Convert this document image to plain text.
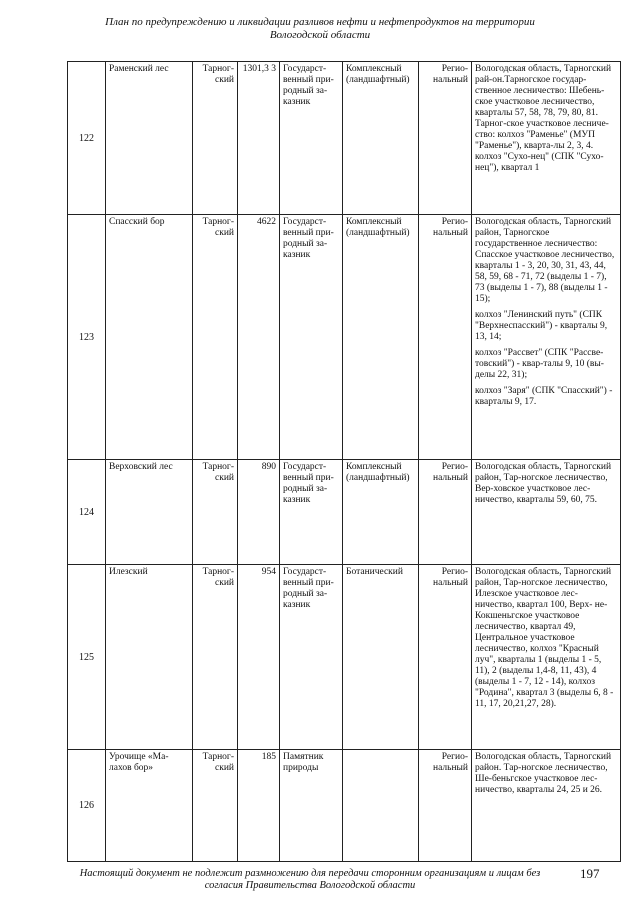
План по предупреждению и ликвидации разливов нефти и нефтепродуктов на территории
Вологодской области
122	Раменский лес	Тарног-ский	1301,3 3	Государст-венный при-родный за-казник	Комплексный (ландшафтный)	Регио-нальный	Вологодская область, Тарногский рай-он.Тарногское государ-ственное лесничество: Шебень- ское участковое лесничество, кварталы 57, 58, 78, 79, 80, 81. Тарног-ское участковое лесниче-ство: колхоз "Раменье" (МУП "Раменье"), кварта-лы 2, 3, 4. колхоз "Сухо-нец" (СПК "Сухо- нец"), квартал 1

123	Спасский бор	Тарног-ский	4622	Государст-венный при-родный за-казник	Комплексный (ландшафтный)	Регио-нальный	Вологодская область, Тарногский район, Тарногское государственное лесничество: Спасское участковое лесничество, кварталы 1 - 3, 20, 30, 31, 43, 44, 58, 59, 68 - 71, 72 (выделы 1 - 7), 73 (выделы 1 - 7), 88 (выделы 1 - 15);

колхоз "Ленинский путь" (СПК "Верхнеспасский") - кварталы 9, 13, 14;

колхоз "Рассвет" (СПК "Рассве- товский") - квар-талы 9, 10 (вы- делы 22, 31);

колхоз "Заря" (СПК "Спасский") - кварталы 9, 17.

124	Верховский лес	Тарног-ский	890	Государст-венный при-родный за-казник	Комплексный (ландшафтный)	Регио-нальный	Вологодская область, Тарногский район, Тар-ногское лесничество, Вер-ховское участковое лес-ничество, кварталы 59, 60, 75.

125	Илезский	Тарног-ский	954	Государст-венный при-родный за-казник	Ботанический	Регио-нальный	Вологодская область, Тарногский район, Тар-ногское лесничество, Илезское участковое лес-ничество, квартал 100, Верх- не-Кокшеньгское участковое лесничество, квартал 49, Центральное участковое лесничество, колхоз "Красный луч", кварталы 1 (выделы 1 - 5, 11), 2 (выделы 1,4-8, 11, 43), 4 (выделы 1 - 7, 12 - 14), колхоз "Родина", квартал 3 (выделы 6, 8 - 11, 17, 20,21,27, 28).

126	Урочище «Ма-лахов бор»	Тарног-ский	185	Памятник природы		Регио-нальный	Вологодская область, Тарногский район. Тар-ногское лесничество, Ше-беньгское участковое лес-ничество, кварталы 24, 25 и 26.

Настоящий документ не подлежит размножению для передачи сторонним организациям и лицам без
согласия Правительства Вологодской области
197
